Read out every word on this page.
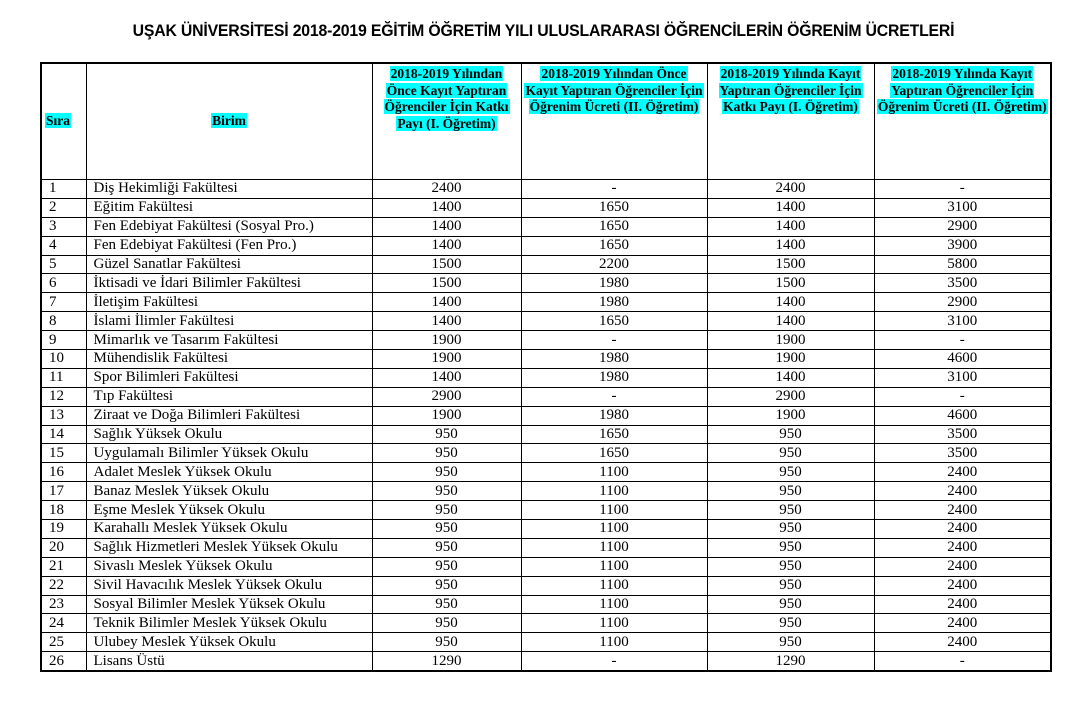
UŞAK ÜNİVERSİTESİ 2018-2019 EĞİTİM ÖĞRETİM YILI ULUSLARARASI ÖĞRENCİLERİN ÖĞRENİM ÜCRETLERİ
Sıra	Birim	2018-2019 Yılından Önce Kayıt Yaptıran Öğrenciler İçin Katkı Payı (I. Öğretim)	2018-2019 Yılından Önce Kayıt Yaptıran Öğrenciler İçin Öğrenim Ücreti (II. Öğretim)	2018-2019 Yılında Kayıt Yaptıran Öğrenciler İçin Katkı Payı (I. Öğretim)	2018-2019 Yılında Kayıt Yaptıran Öğrenciler İçin Öğrenim Ücreti (II. Öğretim)
1	Diş Hekimliği Fakültesi	2400	-	2400	-
2	Eğitim Fakültesi	1400	1650	1400	3100
3	Fen Edebiyat Fakültesi (Sosyal Pro.)	1400	1650	1400	2900
4	Fen Edebiyat Fakültesi (Fen Pro.)	1400	1650	1400	3900
5	Güzel Sanatlar Fakültesi	1500	2200	1500	5800
6	İktisadi ve İdari Bilimler Fakültesi	1500	1980	1500	3500
7	İletişim Fakültesi	1400	1980	1400	2900
8	İslami İlimler Fakültesi	1400	1650	1400	3100
9	Mimarlık ve Tasarım Fakültesi	1900	-	1900	-
10	Mühendislik Fakültesi	1900	1980	1900	4600
11	Spor Bilimleri Fakültesi	1400	1980	1400	3100
12	Tıp Fakültesi	2900	-	2900	-
13	Ziraat ve Doğa Bilimleri Fakültesi	1900	1980	1900	4600
14	Sağlık Yüksek Okulu	950	1650	950	3500
15	Uygulamalı Bilimler Yüksek Okulu	950	1650	950	3500
16	Adalet Meslek Yüksek Okulu	950	1100	950	2400
17	Banaz Meslek Yüksek Okulu	950	1100	950	2400
18	Eşme Meslek Yüksek Okulu	950	1100	950	2400
19	Karahallı Meslek Yüksek Okulu	950	1100	950	2400
20	Sağlık Hizmetleri Meslek Yüksek Okulu	950	1100	950	2400
21	Sivaslı Meslek Yüksek Okulu	950	1100	950	2400
22	Sivil Havacılık Meslek Yüksek Okulu	950	1100	950	2400
23	Sosyal Bilimler Meslek Yüksek Okulu	950	1100	950	2400
24	Teknik Bilimler Meslek Yüksek Okulu	950	1100	950	2400
25	Ulubey Meslek Yüksek Okulu	950	1100	950	2400
26	Lisans Üstü	1290	-	1290	-
